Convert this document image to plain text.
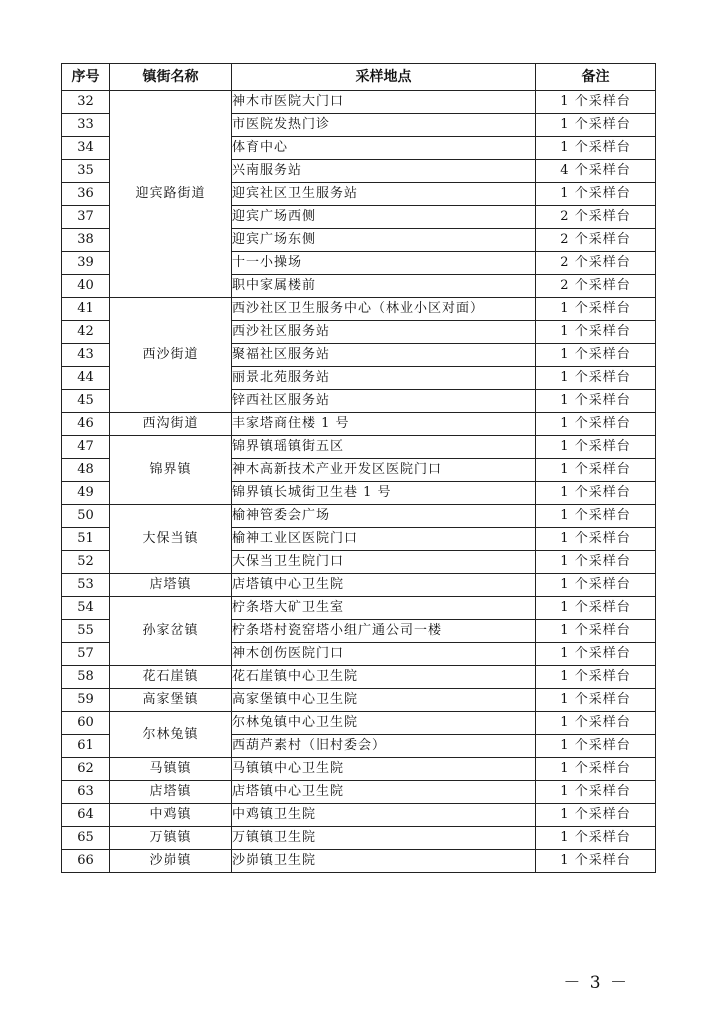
序号	镇街名称	采样地点	备注
32	迎宾路街道	神木市医院大门口	1 个采样台
33		市医院发热门诊	1 个采样台
34		体育中心	1 个采样台
35		兴南服务站	4 个采样台
36		迎宾社区卫生服务站	1 个采样台
37		迎宾广场西侧	2 个采样台
38		迎宾广场东侧	2 个采样台
39		十一小操场	2 个采样台
40		职中家属楼前	2 个采样台
41	西沙街道	西沙社区卫生服务中心（林业小区对面）	1 个采样台
42		西沙社区服务站	1 个采样台
43		聚福社区服务站	1 个采样台
44		丽景北苑服务站	1 个采样台
45		锌西社区服务站	1 个采样台
46	西沟街道	丰家塔商住楼 1 号	1 个采样台
47	锦界镇	锦界镇瑶镇街五区	1 个采样台
48		神木高新技术产业开发区医院门口	1 个采样台
49		锦界镇长城街卫生巷 1 号	1 个采样台
50	大保当镇	榆神管委会广场	1 个采样台
51		榆神工业区医院门口	1 个采样台
52		大保当卫生院门口	1 个采样台
53	店塔镇	店塔镇中心卫生院	1 个采样台
54	孙家岔镇	柠条塔大矿卫生室	1 个采样台
55		柠条塔村瓷窑塔小组广通公司一楼	1 个采样台
57		神木创伤医院门口	1 个采样台
58	花石崖镇	花石崖镇中心卫生院	1 个采样台
59	高家堡镇	高家堡镇中心卫生院	1 个采样台
60	尔林兔镇	尔林兔镇中心卫生院	1 个采样台
61		西葫芦素村（旧村委会）	1 个采样台
62	马镇镇	马镇镇中心卫生院	1 个采样台
63	店塔镇	店塔镇中心卫生院	1 个采样台
64	中鸡镇	中鸡镇卫生院	1 个采样台
65	万镇镇	万镇镇卫生院	1 个采样台
66	沙峁镇	沙峁镇卫生院	1 个采样台
－ 3 －
